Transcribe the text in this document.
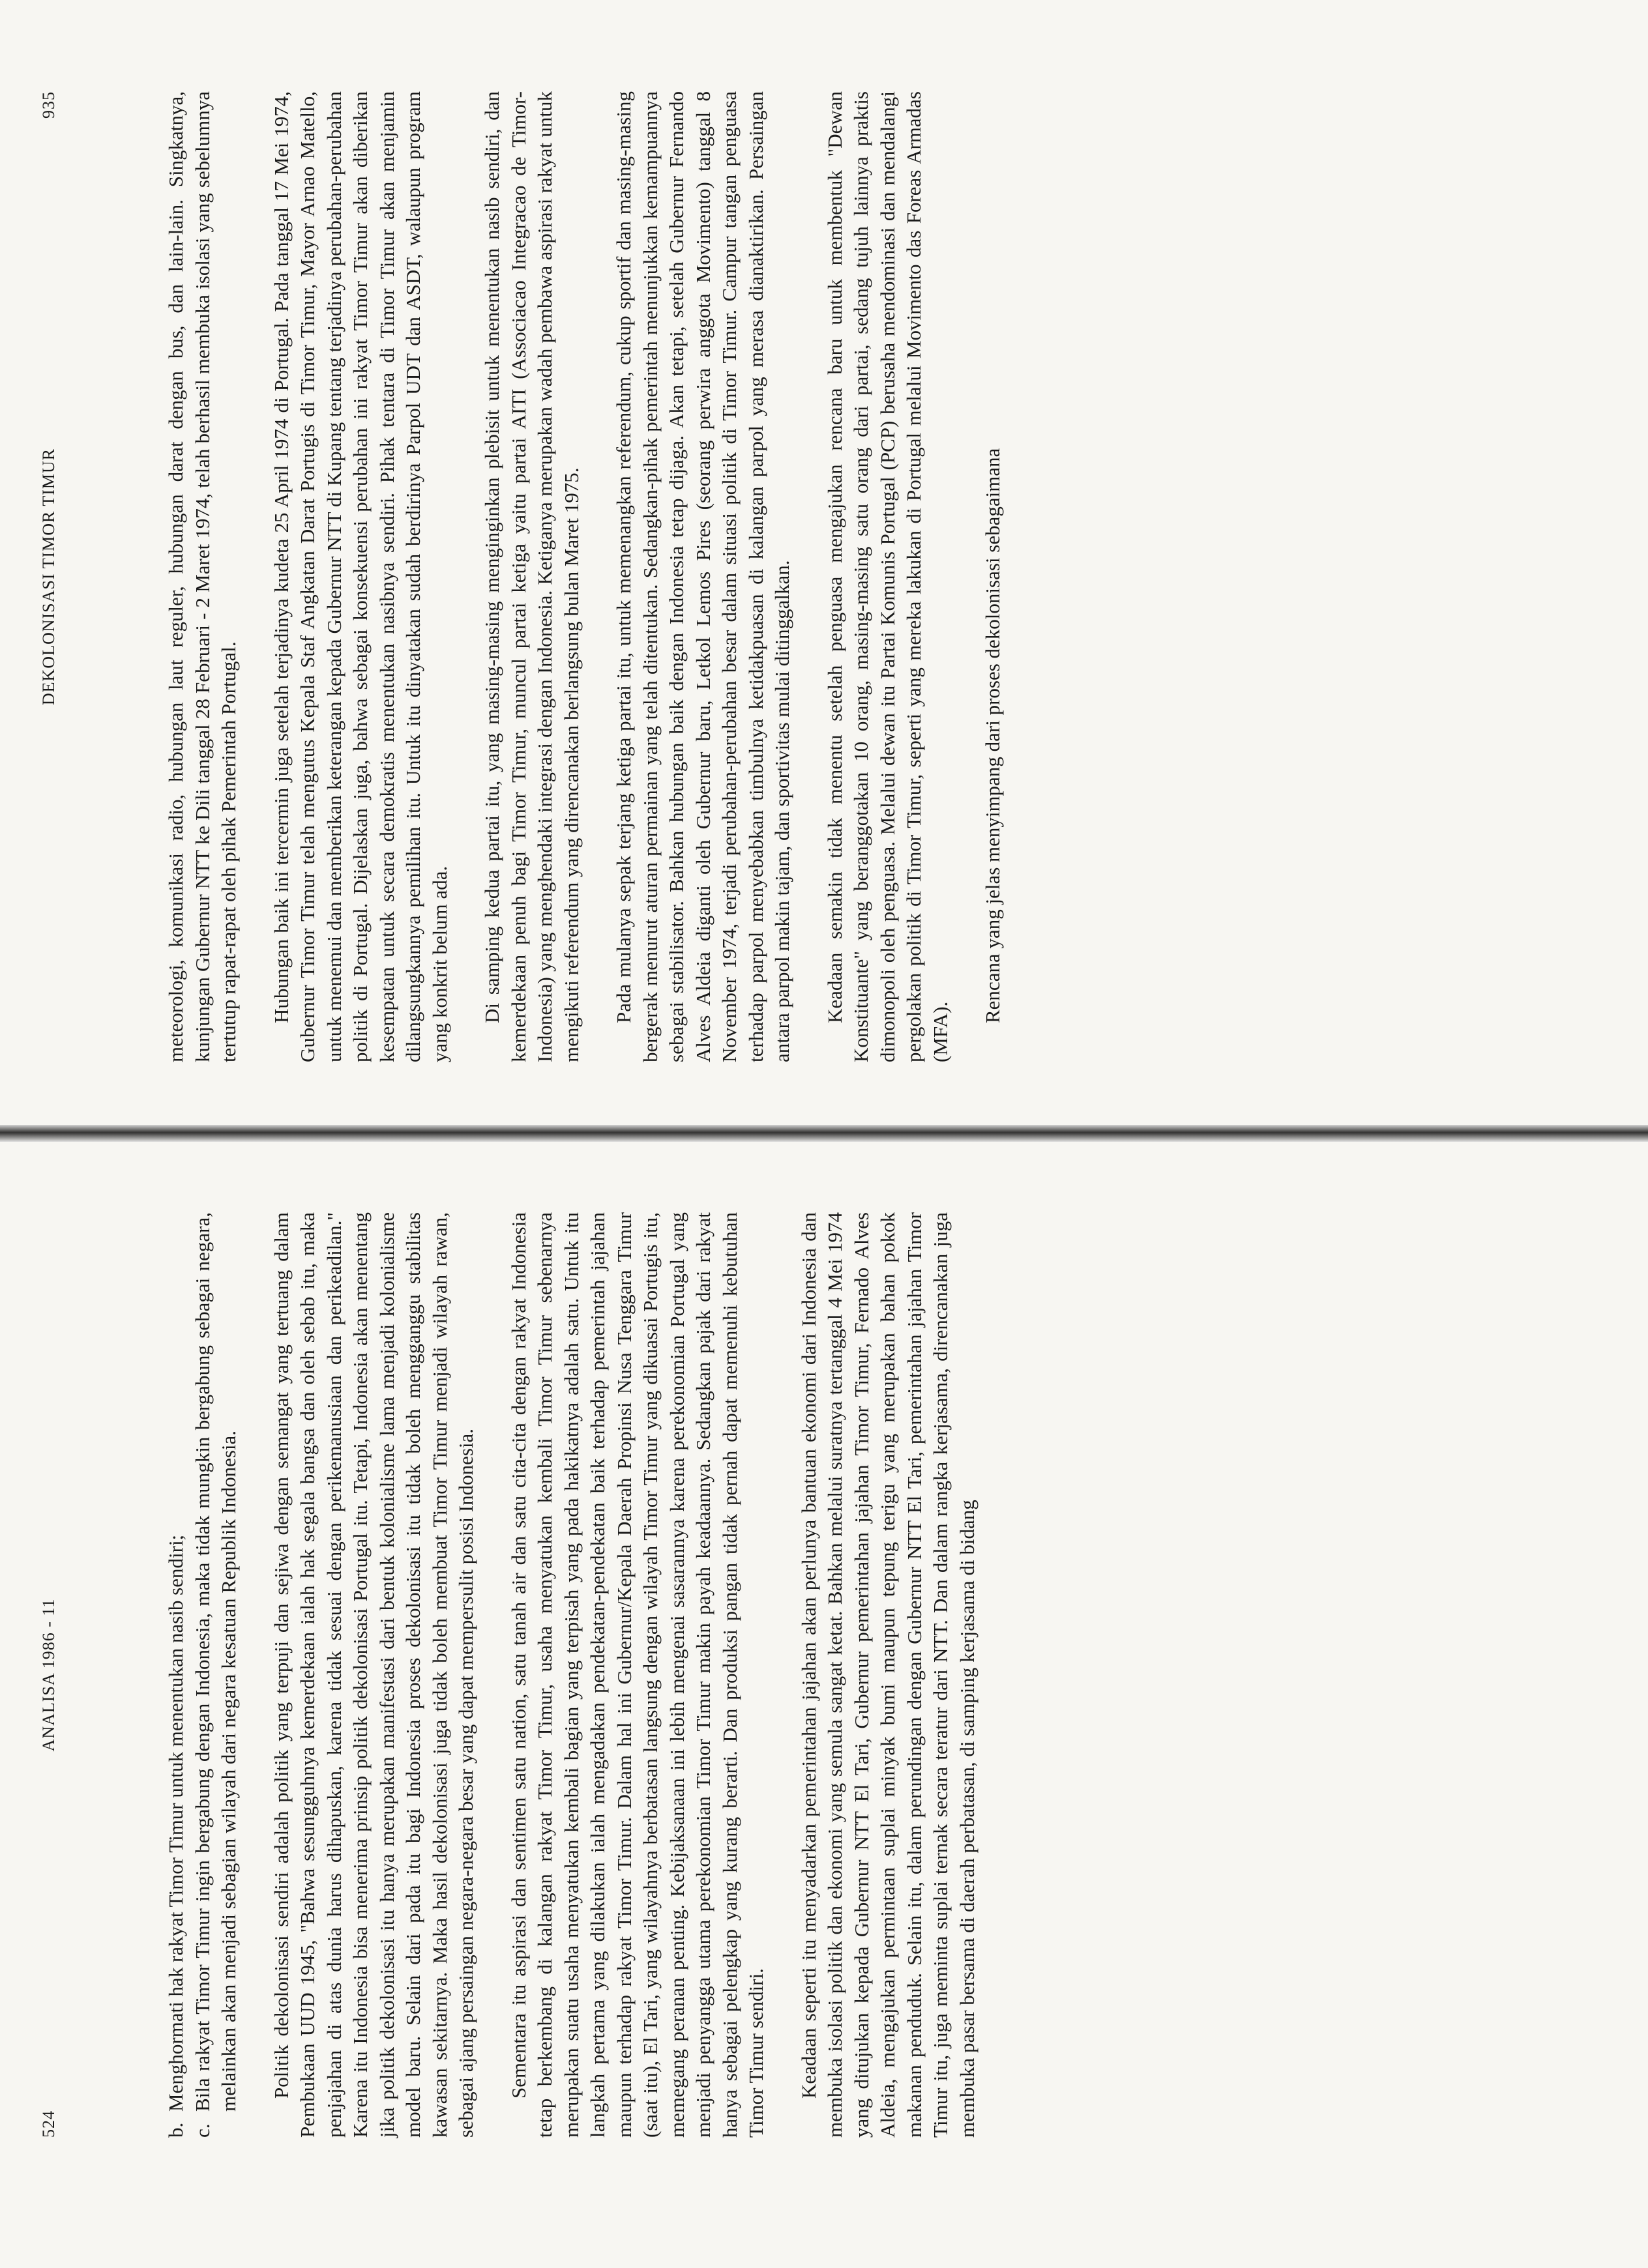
524
ANALISA 1986 - 11
b.
Menghormati hak rakyat Timor Timur untuk menentukan nasib sendiri;
c.
Bila rakyat Timor Timur ingin bergabung dengan Indonesia, maka tidak mungkin bergabung sebagai negara, melainkan akan menjadi sebagian wilayah dari negara kesatuan Republik Indonesia. Politik dekolonisasi sendiri adalah politik yang terpuji dan sejiwa dengan semangat yang tertuang dalam Pembukaan UUD 1945, "Bahwa sesungguhnya kemerdekaan ialah hak segala bangsa dan oleh sebab itu, maka penjajahan di atas dunia harus dihapuskan, karena tidak sesuai dengan perikemanusiaan dan perikeadilan." Karena itu Indonesia bisa menerima prinsip politik dekolonisasi Portugal itu. Tetapi, Indonesia akan menentang jika politik dekolonisasi itu hanya merupakan manifestasi dari bentuk kolonialisme lama menjadi kolonialisme model baru. Selain dari pada itu bagi Indonesia proses dekolonisasi itu tidak boleh mengganggu stabilitas kawasan sekitarnya. Maka hasil dekolonisasi juga tidak boleh membuat Timor Timur menjadi wilayah rawan, sebagai ajang persaingan negara-negara besar yang dapat mempersulit posisi Indonesia. Sementara itu aspirasi dan sentimen satu nation, satu tanah air dan satu cita-cita dengan rakyat Indonesia tetap berkembang di kalangan rakyat Timor Timur, usaha menyatukan kembali Timor Timur sebenarnya merupakan suatu usaha menyatukan kembali bagian yang terpisah yang pada hakikatnya adalah satu. Untuk itu langkah pertama yang dilakukan ialah mengadakan pendekatan-pendekatan baik terhadap pemerintah jajahan maupun terhadap rakyat Timor Timur. Dalam hal ini Gubernur/Kepala Daerah Propinsi Nusa Tenggara Timur (saat itu), El Tari, yang wilayahnya berbatasan langsung dengan wilayah Timor Timur yang dikuasai Portugis itu, memegang peranan penting. Kebijaksanaan ini lebih mengenai sasarannya karena perekonomian Portugal yang menjadi penyangga utama perekonomian Timor Timur makin payah keadaannya. Sedangkan pajak dari rakyat hanya sebagai pelengkap yang kurang berarti. Dan produksi pangan tidak pernah dapat memenuhi kebutuhan Timor Timur sendiri. Keadaan seperti itu menyadarkan pemerintahan jajahan akan perlunya bantuan ekonomi dari Indonesia dan membuka isolasi politik dan ekonomi yang semula sangat ketat. Bahkan melalui suratnya tertanggal 4 Mei 1974 yang ditujukan kepada Gubernur NTT El Tari, Gubernur pemerintahan jajahan Timor Timur, Fernado Alves Aldeia, mengajukan permintaan suplai minyak bumi maupun tepung terigu yang merupakan bahan pokok makanan penduduk. Selain itu, dalam perundingan dengan Gubernur NTT El Tari, pemerintahan jajahan Timor Timur itu, juga meminta suplai ternak secara teratur dari NTT. Dan dalam rangka kerjasama, direncanakan juga membuka pasar bersama di daerah perbatasan, di samping kerjasama di bidang

DEKOLONISASI TIMOR TIMUR
935	meteorologi, komunikasi radio, hubungan laut reguler, hubungan darat dengan bus, dan lain-lain. Singkatnya, kunjungan Gubernur NTT ke Dili tanggal 28 Februari - 2 Maret 1974, telah berhasil membuka isolasi yang sebelumnya tertutup rapat-rapat oleh pihak Pemerintah Portugal. Hubungan baik ini tercermin juga setelah terjadinya kudeta 25 April 1974 di Portugal. Pada tanggal 17 Mei 1974, Gubernur Timor Timur telah mengutus Kepala Staf Angkatan Darat Portugis di Timor Timur, Mayor Arnao Matello, untuk menemui dan memberikan keterangan kepada Gubernur NTT di Kupang tentang terjadinya perubahan-perubahan politik di Portugal. Dijelaskan juga, bahwa sebagai konsekuensi perubahan ini rakyat Timor Timur akan diberikan kesempatan untuk secara demokratis menentukan nasibnya sendiri. Pihak tentara di Timor Timur akan menjamin dilangsungkannya pemilihan itu. Untuk itu dinyatakan sudah berdirinya Parpol UDT dan ASDT, walaupun program yang konkrit belum ada. Di samping kedua partai itu, yang masing-masing menginginkan plebisit untuk menentukan nasib sendiri, dan kemerdekaan penuh bagi Timor Timur, muncul partai ketiga yaitu partai AITI (Associacao Integracao de Timor-Indonesia) yang menghendaki integrasi dengan Indonesia. Ketiganya merupakan wadah pembawa aspirasi rakyat untuk mengikuti referendum yang direncanakan berlangsung bulan Maret 1975. Pada mulanya sepak terjang ketiga partai itu, untuk memenangkan referendum, cukup sportif dan masing-masing bergerak menurut aturan permainan yang telah ditentukan. Sedangkan-pihak pemerintah menunjukkan kemampuannya sebagai stabilisator. Bahkan hubungan baik dengan Indonesia tetap dijaga. Akan tetapi, setelah Gubernur Fernando Alves Aldeia diganti oleh Gubernur baru, Letkol Lemos Pires (seorang perwira anggota Movimento) tanggal 8 November 1974, terjadi perubahan-perubahan besar dalam situasi politik di Timor Timur. Campur tangan penguasa terhadap parpol menyebabkan timbulnya ketidakpuasan di kalangan parpol yang merasa dianaktirikan. Persaingan antara parpol makin tajam, dan sportivitas mulai ditinggalkan. Keadaan semakin tidak menentu setelah penguasa mengajukan rencana baru untuk membentuk "Dewan Konstituante" yang beranggotakan 10 orang, masing-masing satu orang dari partai, sedang tujuh lainnya praktis dimonopoli oleh penguasa. Melalui dewan itu Partai Komunis Portugal (PCP) berusaha mendominasi dan mendalangi pergolakan politik di Timor Timur, seperti yang mereka lakukan di Portugal melalui Movimento das Foreas Armadas (MFA).

Rencana yang jelas menyimpang dari proses dekolonisasi sebagaimana
